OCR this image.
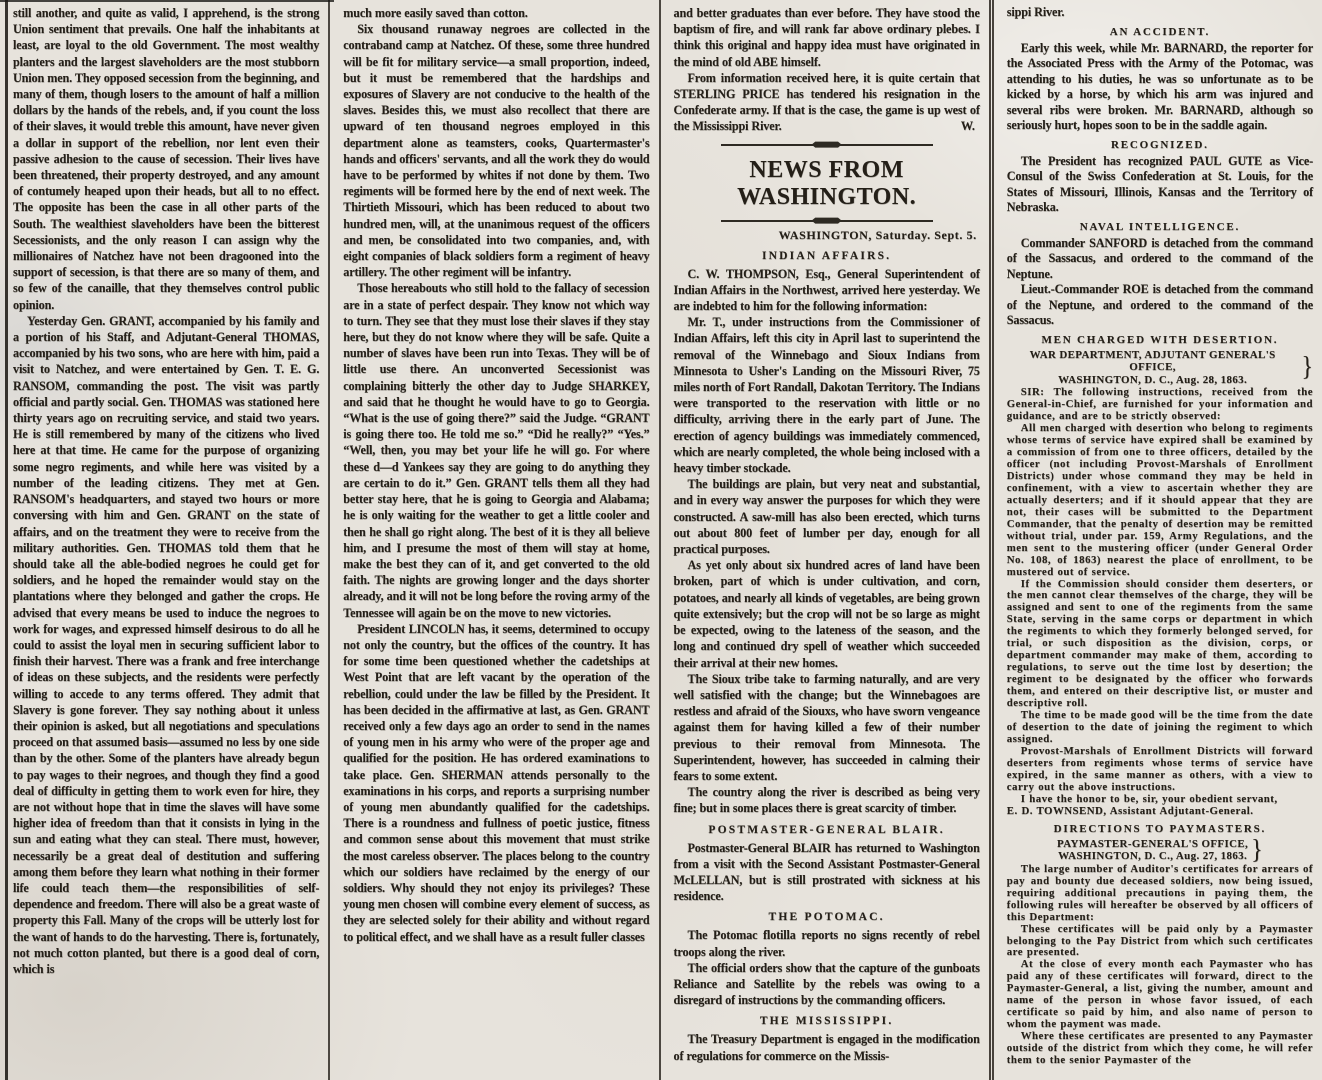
still another, and quite as valid, I apprehend, is the strong Union sentiment that prevails. One half the inhabitants at least, are loyal to the old Government. The most wealthy planters and the largest slaveholders are the most stubborn Union men. They opposed secession from the beginning, and many of them, though losers to the amount of half a million dollars by the hands of the rebels, and, if you count the loss of their slaves, it would treble this amount, have never given a dollar in support of the rebellion, nor lent even their passive adhesion to the cause of secession. Their lives have been threatened, their property destroyed, and any amount of contumely heaped upon their heads, but all to no effect. The opposite has been the case in all other parts of the South. The wealthiest slaveholders have been the bitterest Secessionists, and the only reason I can assign why the millionaires of Natchez have not been dragooned into the support of secession, is that there are so many of them, and so few of the canaille, that they themselves control public opinion.

Yesterday Gen. GRANT, accompanied by his family and a portion of his Staff, and Adjutant-General THOMAS, accompanied by his two sons, who are here with him, paid a visit to Natchez, and were entertained by Gen. T. E. G. RANSOM, commanding the post. The visit was partly official and partly social. Gen. THOMAS was stationed here thirty years ago on recruiting service, and staid two years. He is still remembered by many of the citizens who lived here at that time. He came for the purpose of organizing some negro regiments, and while here was visited by a number of the leading citizens. They met at Gen. RANSOM's headquarters, and stayed two hours or more conversing with him and Gen. GRANT on the state of affairs, and on the treatment they were to receive from the military authorities. Gen. THOMAS told them that he should take all the able-bodied negroes he could get for soldiers, and he hoped the remainder would stay on the plantations where they belonged and gather the crops. He advised that every means be used to induce the negroes to work for wages, and expressed himself desirous to do all he could to assist the loyal men in securing sufficient labor to finish their harvest. There was a frank and free interchange of ideas on these subjects, and the residents were perfectly willing to accede to any terms offered. They admit that Slavery is gone forever. They say nothing about it unless their opinion is asked, but all negotiations and speculations proceed on that assumed basis—assumed no less by one side than by the other. Some of the planters have already begun to pay wages to their negroes, and though they find a good deal of difficulty in getting them to work even for hire, they are not without hope that in time the slaves will have some higher idea of freedom than that it consists in lying in the sun and eating what they can steal. There must, however, necessarily be a great deal of destitution and suffering among them before they learn what nothing in their former life could teach them—the responsibilities of self-dependence and freedom. There will also be a great waste of property this Fall. Many of the crops will be utterly lost for the want of hands to do the harvesting. There is, fortunately, not much cotton planted, but there is a good deal of corn, which is

much more easily saved than cotton.

Six thousand runaway negroes are collected in the contraband camp at Natchez. Of these, some three hundred will be fit for military service—a small proportion, indeed, but it must be remembered that the hardships and exposures of Slavery are not conducive to the health of the slaves. Besides this, we must also recollect that there are upward of ten thousand negroes employed in this department alone as teamsters, cooks, Quartermaster's hands and officers' servants, and all the work they do would have to be performed by whites if not done by them. Two regiments will be formed here by the end of next week. The Thirtieth Missouri, which has been reduced to about two hundred men, will, at the unanimous request of the officers and men, be consolidated into two companies, and, with eight companies of black soldiers form a regiment of heavy artillery. The other regiment will be infantry.

Those hereabouts who still hold to the fallacy of secession are in a state of perfect despair. They know not which way to turn. They see that they must lose their slaves if they stay here, but they do not know where they will be safe. Quite a number of slaves have been run into Texas. They will be of little use there. An unconverted Secessionist was complaining bitterly the other day to Judge SHARKEY, and said that he thought he would have to go to Georgia. “What is the use of going there?” said the Judge. “GRANT is going there too. He told me so.” “Did he really?” “Yes.” “Well, then, you may bet your life he will go. For where these d—d Yankees say they are going to do anything they are certain to do it.” Gen. GRANT tells them all they had better stay here, that he is going to Georgia and Alabama; he is only waiting for the weather to get a little cooler and then he shall go right along. The best of it is they all believe him, and I presume the most of them will stay at home, make the best they can of it, and get converted to the old faith. The nights are growing longer and the days shorter already, and it will not be long before the roving army of the Tennessee will again be on the move to new victories.

President LINCOLN has, it seems, determined to occupy not only the country, but the offices of the country. It has for some time been questioned whether the cadetships at West Point that are left vacant by the operation of the rebellion, could under the law be filled by the President. It has been decided in the affirmative at last, as Gen. GRANT received only a few days ago an order to send in the names of young men in his army who were of the proper age and qualified for the position. He has ordered examinations to take place. Gen. SHERMAN attends personally to the examinations in his corps, and reports a surprising number of young men abundantly qualified for the cadetships. There is a roundness and fullness of poetic justice, fitness and common sense about this movement that must strike the most careless observer. The places belong to the country which our soldiers have reclaimed by the energy of our soldiers. Why should they not enjoy its privileges? These young men chosen will combine every element of success, as they are selected solely for their ability and without regard to political effect, and we shall have as a result fuller classes

and better graduates than ever before. They have stood the baptism of fire, and will rank far above ordinary plebes. I think this original and happy idea must have originated in the mind of old ABE himself.

From information received here, it is quite certain that STERLING PRICE has tendered his resignation in the Confederate army. If that is the case, the game is up west of the Mississippi River.	W.

NEWS FROM WASHINGTON.
WASHINGTON, Saturday. Sept. 5.
INDIAN AFFAIRS.

C. W. THOMPSON, Esq., General Superintendent of Indian Affairs in the Northwest, arrived here yesterday. We are indebted to him for the following information:

Mr. T., under instructions from the Commissioner of Indian Affairs, left this city in April last to superintend the removal of the Winnebago and Sioux Indians from Minnesota to Usher's Landing on the Missouri River, 75 miles north of Fort Randall, Dakotan Territory. The Indians were transported to the reservation with little or no difficulty, arriving there in the early part of June. The erection of agency buildings was immediately commenced, which are nearly completed, the whole being inclosed with a heavy timber stockade.

The buildings are plain, but very neat and substantial, and in every way answer the purposes for which they were constructed. A saw-mill has also been erected, which turns out about 800 feet of lumber per day, enough for all practical purposes.

As yet only about six hundred acres of land have been broken, part of which is under cultivation, and corn, potatoes, and nearly all kinds of vegetables, are being grown quite extensively; but the crop will not be so large as might be expected, owing to the lateness of the season, and the long and continued dry spell of weather which succeeded their arrival at their new homes.

The Sioux tribe take to farming naturally, and are very well satisfied with the change; but the Winnebagoes are restless and afraid of the Siouxs, who have sworn vengeance against them for having killed a few of their number previous to their removal from Minnesota. The Superintendent, however, has succeeded in calming their fears to some extent.

The country along the river is described as being very fine; but in some places there is great scarcity of timber.

POSTMASTER-GENERAL BLAIR.

Postmaster-General BLAIR has returned to Washington from a visit with the Second Assistant Postmaster-General McLELLAN, but is still prostrated with sickness at his residence.

THE POTOMAC.

The Potomac flotilla reports no signs recently of rebel troops along the river.

The official orders show that the capture of the gunboats Reliance and Satellite by the rebels was owing to a disregard of instructions by the commanding officers.

THE MISSISSIPPI.

The Treasury Department is engaged in the modification of regulations for commerce on the Missis-

sippi River.

AN ACCIDENT.

Early this week, while Mr. BARNARD, the reporter for the Associated Press with the Army of the Potomac, was attending to his duties, he was so unfortunate as to be kicked by a horse, by which his arm was injured and several ribs were broken. Mr. BARNARD, although so seriously hurt, hopes soon to be in the saddle again.

RECOGNIZED.

The President has recognized PAUL GUTE as Vice-Consul of the Swiss Confederation at St. Louis, for the States of Missouri, Illinois, Kansas and the Territory of Nebraska.

NAVAL INTELLIGENCE.

Commander SANFORD is detached from the command of the Sassacus, and ordered to the command of the Neptune.

Lieut.-Commander ROE is detached from the command of the Neptune, and ordered to the command of the Sassacus.

MEN CHARGED WITH DESERTION.
WAR DEPARTMENT, ADJUTANT GENERAL'S OFFICE,
WASHINGTON, D. C., Aug. 28, 1863.	}

SIR: The following instructions, received from the General-in-Chief, are furnished for your information and guidance, and are to be strictly observed:

All men charged with desertion who belong to regiments whose terms of service have expired shall be examined by a commission of from one to three officers, detailed by the officer (not including Provost-Marshals of Enrollment Districts) under whose command they may be held in confinement, with a view to ascertain whether they are actually deserters; and if it should appear that they are not, their cases will be submitted to the Department Commander, that the penalty of desertion may be remitted without trial, under par. 159, Army Regulations, and the men sent to the mustering officer (under General Order No. 108, of 1863) nearest the place of enrollment, to be mustered out of service.

If the Commission should consider them deserters, or the men cannot clear themselves of the charge, they will be assigned and sent to one of the regiments from the same State, serving in the same corps or department in which the regiments to which they formerly belonged served, for trial, or such disposition as the division, corps, or department commander may make of them, according to regulations, to serve out the time lost by desertion; the regiment to be designated by the officer who forwards them, and entered on their descriptive list, or muster and descriptive roll.

The time to be made good will be the time from the date of desertion to the date of joining the regiment to which assigned.

Provost-Marshals of Enrollment Districts will forward deserters from regiments whose terms of service have expired, in the same manner as others, with a view to carry out the above instructions.

I have the honor to be, sir, your obedient servant,

E. D. TOWNSEND, Assistant Adjutant-General.

DIRECTIONS TO PAYMASTERS.
PAYMASTER-GENERAL'S OFFICE,
WASHINGTON, D. C., Aug. 27, 1863. }

The large number of Auditor's certificates for arrears of pay and bounty due deceased soldiers, now being issued, requiring additional precautions in paying them, the following rules will hereafter be observed by all officers of this Department:

These certificates will be paid only by a Paymaster belonging to the Pay District from which such certificates are presented.

At the close of every month each Paymaster who has paid any of these certificates will forward, direct to the Paymaster-General, a list, giving the number, amount and name of the person in whose favor issued, of each certificate so paid by him, and also name of person to whom the payment was made.

Where these certificates are presented to any Paymaster outside of the district from which they come, he will refer them to the senior Paymaster of the
